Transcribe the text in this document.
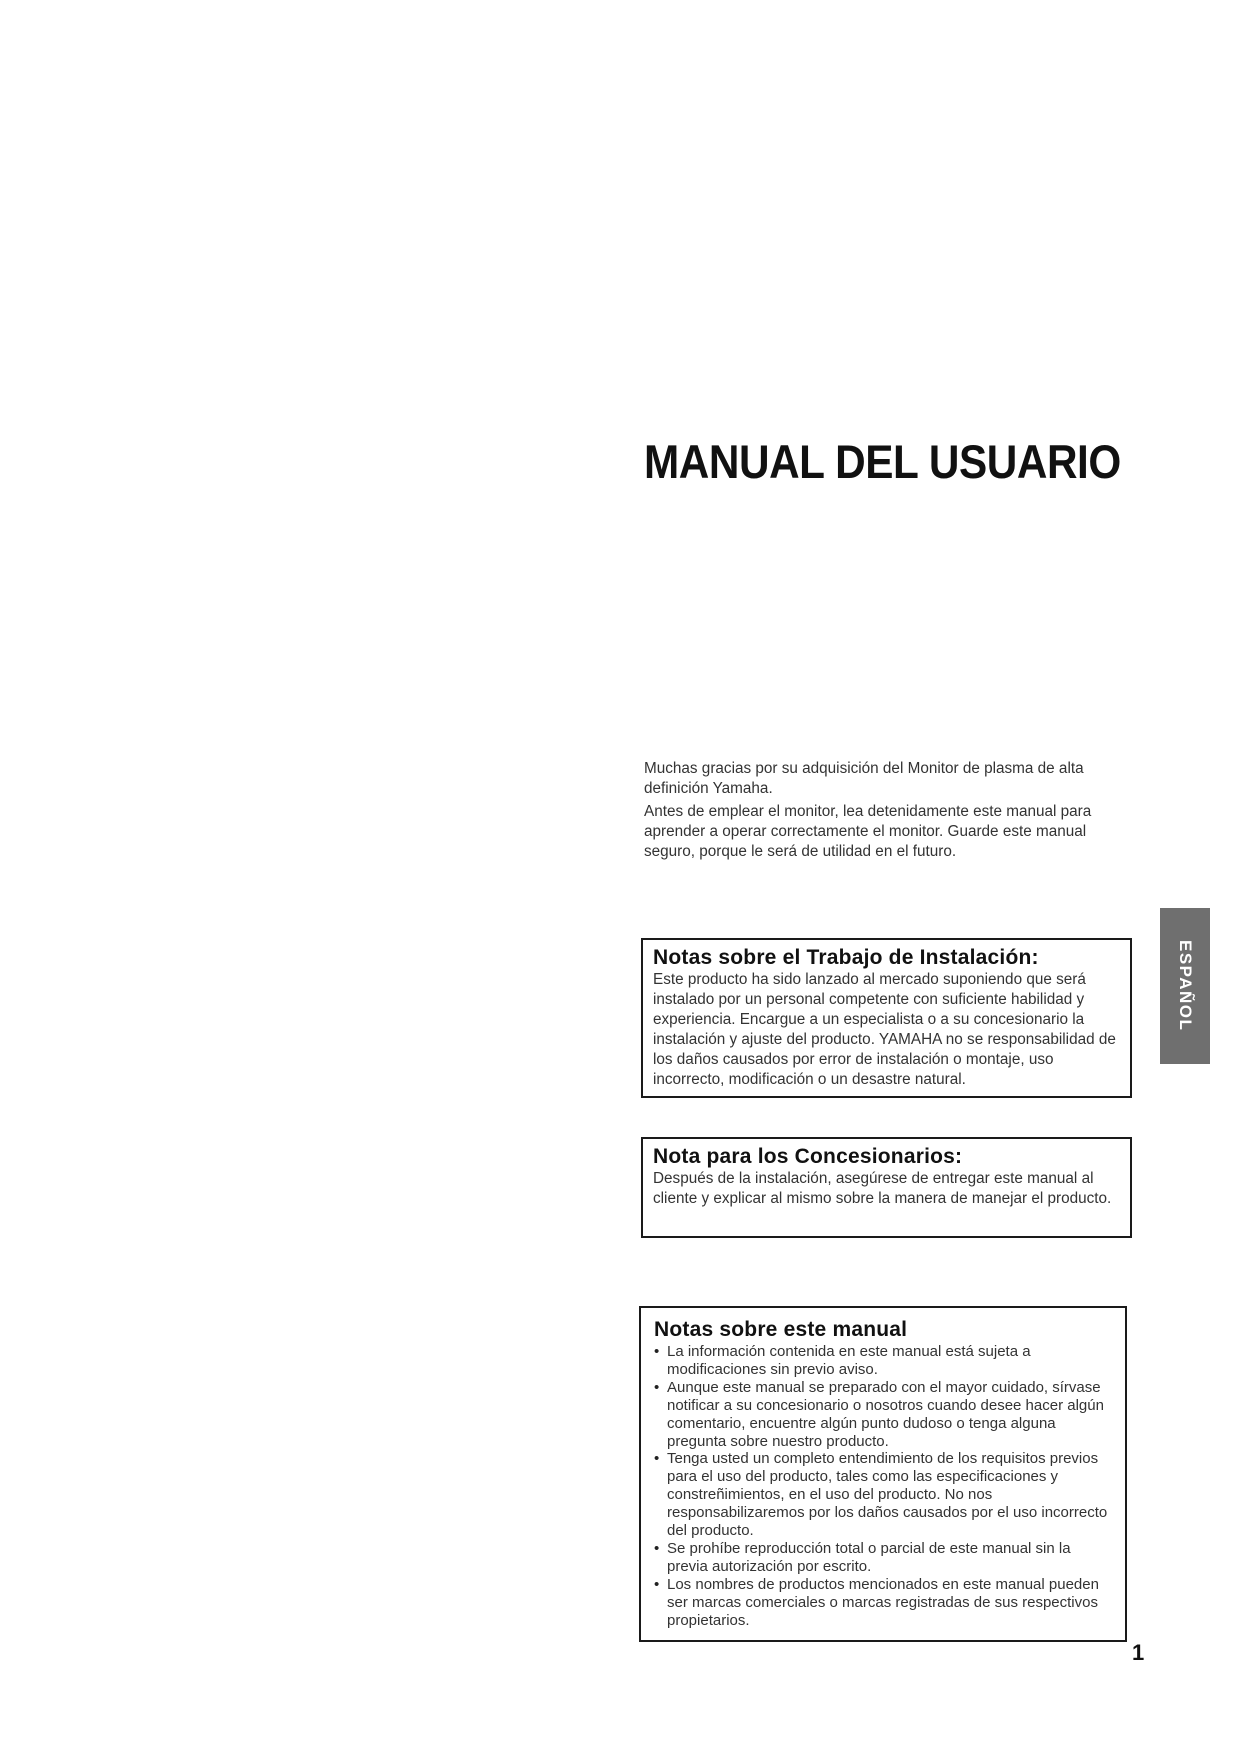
MANUAL DEL USUARIO

Muchas gracias por su adquisición del Monitor de plasma de alta definición Yamaha.

Antes de emplear el monitor, lea detenidamente este manual para aprender a operar correctamente el monitor. Guarde este manual seguro, porque le será de utilidad en el futuro.

Notas sobre el Trabajo de Instalación:

Este producto ha sido lanzado al mercado suponiendo que será instalado por un personal competente con suficiente habilidad y experiencia. Encargue a un especialista o a su concesionario la instalación y ajuste del producto. YAMAHA no se responsabilidad de los daños causados por error de instalación o montaje, uso incorrecto, modificación o un desastre natural.

Nota para los Concesionarios:

Después de la instalación, asegúrese de entregar este manual al cliente y explicar al mismo sobre la manera de manejar el producto.

Notas sobre este manual
• La información contenida en este manual está sujeta a modificaciones sin previo aviso.
• Aunque este manual se preparado con el mayor cuidado, sírvase notificar a su concesionario o nosotros cuando desee hacer algún comentario, encuentre algún punto dudoso o tenga alguna pregunta sobre nuestro producto.
• Tenga usted un completo entendimiento de los requisitos previos para el uso del producto, tales como las especificaciones y constreñimientos, en el uso del producto. No nos responsabilizaremos por los daños causados por el uso incorrecto del producto.
• Se prohíbe reproducción total o parcial de este manual sin la previa autorización por escrito.
• Los nombres de productos mencionados en este manual pueden ser marcas comerciales o marcas registradas de sus respectivos propietarios.
ESPAÑOL
1
